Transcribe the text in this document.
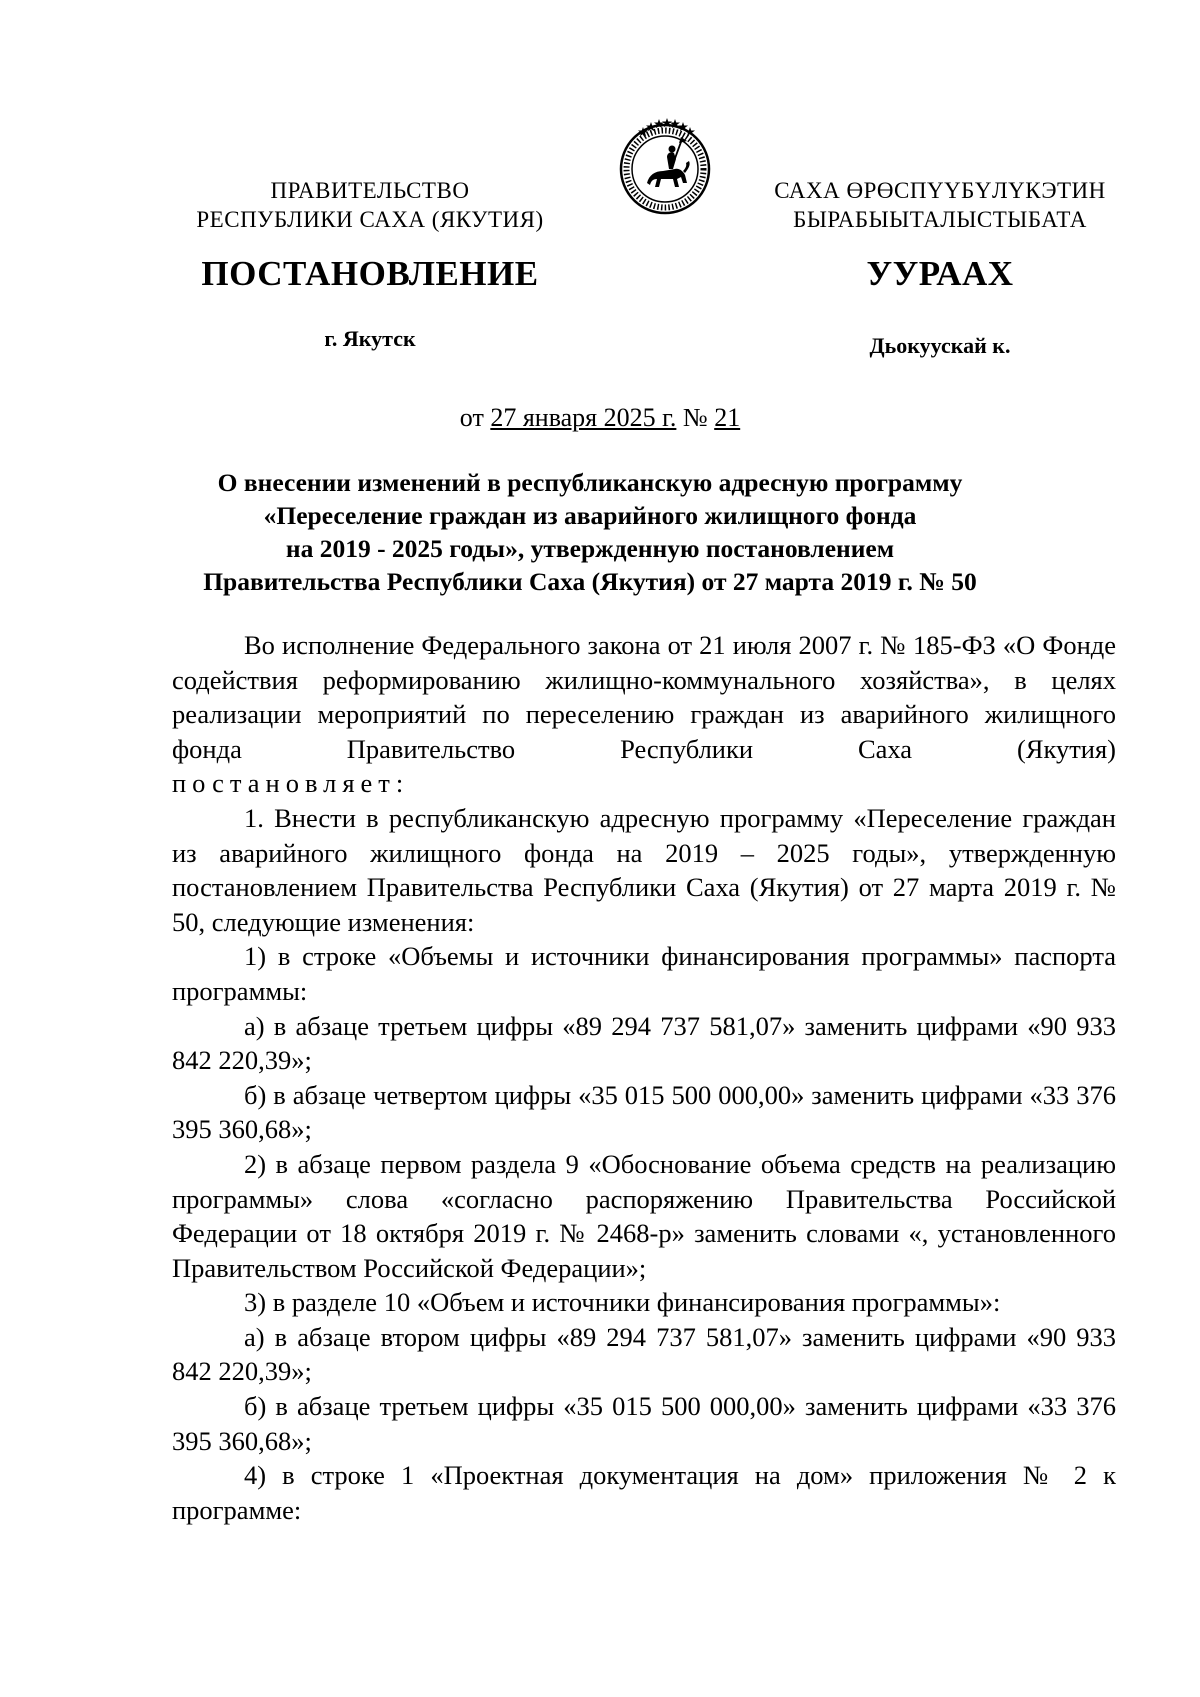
ПРАВИТЕЛЬСТВО
РЕСПУБЛИКИ САХА (ЯКУТИЯ)
САХА ӨРӨСПҮҮБҮЛҮКЭТИН
БЫРАБЫЫТАЛЫСТЫБАТА
ПОСТАНОВЛЕНИЕ	УУРААХ
г. Якутск	Дьокуускай к.
от 27 января 2025 г. № 21
О внесении изменений в республиканскую адресную программу
«Переселение граждан из аварийного жилищного фонда
на 2019 - 2025 годы», утвержденную постановлением
Правительства Республики Саха (Якутия) от 27 марта 2019 г. № 50

Во исполнение Федерального закона от 21 июля 2007 г. № 185-ФЗ «О Фонде содействия реформированию жилищно-коммунального хозяйства», в целях реализации мероприятий по переселению граждан из аварийного жилищного фонда Правительство Республики Саха (Якутия)

постановляет:

1. Внести в республиканскую адресную программу «Переселение граждан из аварийного жилищного фонда на 2019 – 2025 годы», утвержденную постановлением Правительства Республики Саха (Якутия) от 27 марта 2019 г. № 50, следующие изменения:

1) в строке «Объемы и источники финансирования программы» паспорта программы:

а) в абзаце третьем цифры «89 294 737 581,07» заменить цифрами «90 933 842 220,39»;

б) в абзаце четвертом цифры «35 015 500 000,00» заменить цифрами «33 376 395 360,68»;

2) в абзаце первом раздела 9 «Обоснование объема средств на реализацию программы» слова «согласно распоряжению Правительства Российской Федерации от 18 октября 2019 г. № 2468-р» заменить словами «, установленного Правительством Российской Федерации»;

3) в разделе 10 «Объем и источники финансирования программы»:

а) в абзаце втором цифры «89 294 737 581,07» заменить цифрами «90 933 842 220,39»;

б) в абзаце третьем цифры «35 015 500 000,00» заменить цифрами «33 376 395 360,68»;

4) в строке 1 «Проектная документация на дом» приложения № 2 к программе:
